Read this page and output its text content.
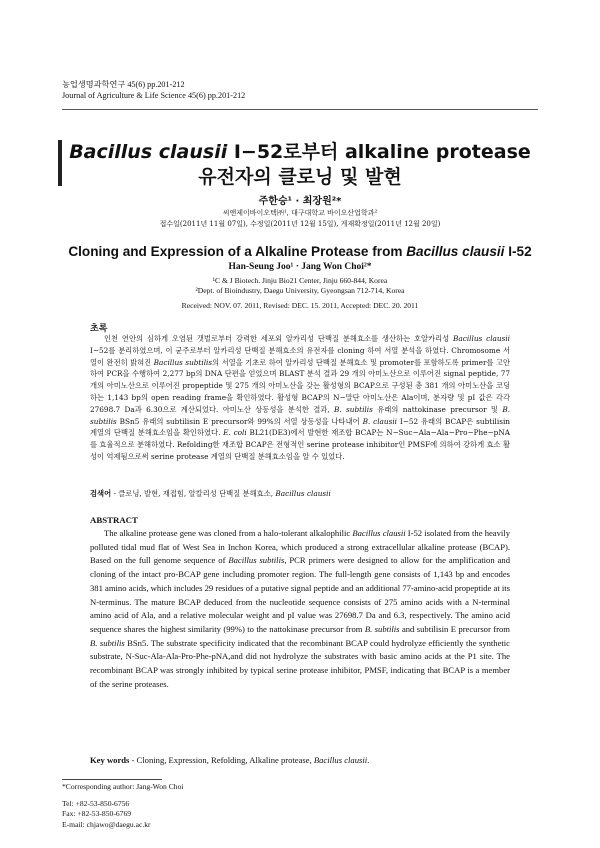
농업생명과학연구 45(6) pp.201-212
Journal of Agriculture & Life Science 45(6) pp.201-212
Bacillus clausii I−52로부터 alkaline protease
유전자의 클로닝 및 발현
주한승¹ · 최장원²*
씨앤제이바이오텍㈜¹, 대구대학교 바이오산업학과²
접수일(2011년 11월 07일), 수정일(2011년 12월 15일), 게재확정일(2011년 12월 20일)
Cloning and Expression of a Alkaline Protease from Bacillus clausii I-52
Han-Seung Joo¹ · Jang Won Choi²*
¹C & J Biotech. Jinju Bio21 Center, Jinju 660-844, Korea
²Dept. of Bioindustry, Daegu University, Gyeongsan 712-714, Korea
Received: NOV. 07. 2011, Revised: DEC. 15. 2011, Accepted: DEC. 20. 2011
초록

인천 연안의 심하게 오염된 갯벌로부터 강력한 세포외 알카리성 단백질 분해효소를 생산하는 호알카리성 Bacillus clausii I−52를 분리하였으며, 이 균주로부터 알카리성 단백질 분해효소의 유전자를 cloning 하여 서열 분석을 하였다. Chromosome 서열이 완전히 밝혀진 Bacillus subtilis의 서열을 기초로 하여 알카리성 단백질 분해효소 및 promoter를 포함하도록 primer를 고안하여 PCR을 수행하여 2,277 bp의 DNA 단편을 얻었으며 BLAST 분석 결과 29 개의 아미노산으로 이루어진 signal peptide, 77 개의 아미노산으로 이루어진 propeptide 및 275 개의 아미노산을 갖는 활성형의 BCAP으로 구성된 총 381 개의 아미노산을 코딩하는 1,143 bp의 open reading frame을 확인하였다. 활성형 BCAP의 N−말단 아미노산은 Ala이며, 분자량 및 pI 값은 각각 27698.7 Da과 6.30으로 계산되었다. 아미노산 상동성을 분석한 결과, B. subtilis 유래의 nattokinase precursor 및 B. subtilis BSn5 유래의 subtilisin E precursor와 99%의 서열 상동성을 나타내어 B. clausii I−52 유래의 BCAP은 subtilisin 계열의 단백질 분해효소임을 확인하였다. E. coli BL21(DE3)에서 발현한 재조합 BCAP는 N−Suc−Ala−Ala−Pro−Phe−pNA 를 효율적으로 분해하였다. Refolding한 재조합 BCAP은 전형적인 serine protease inhibitor인 PMSF에 의하여 강하게 효소 활성이 억제됨으로써 serine protease 계열의 단백질 분해효소임을 알 수 있었다.

검색어 - 클로닝, 발현, 재접힘, 알칼리성 단백질 분해효소, Bacillus clausii
ABSTRACT

The alkaline protease gene was cloned from a halo-tolerant alkalophilic Bacillus clausii I-52 isolated from the heavily polluted tidal mud flat of West Sea in Inchon Korea, which produced a strong extracellular alkaline protease (BCAP). Based on the full genome sequence of Bacillus subtilis, PCR primers were designed to allow for the amplification and cloning of the intact pro-BCAP gene including promoter region. The full-length gene consists of 1,143 bp and encodes 381 amino acids, which includes 29 residues of a putative signal peptide and an additional 77-amino-acid propeptide at its N-terminus. The mature BCAP deduced from the nucleotide sequence consists of 275 amino acids with a N-terminal amino acid of Ala, and a relative molecular weight and pI value was 27698.7 Da and 6.3, respectively. The amino acid sequence shares the highest similarity (99%) to the nattokinase precursor from B. subtilis and subtilisin E precursor from B. subtilis BSn5. The substrate specificity indicated that the recombinant BCAP could hydrolyze efficiently the synthetic substrate, N-Suc-Ala-Ala-Pro-Phe-pNA,and did not hydrolyze the substrates with basic amino acids at the P1 site. The recombinant BCAP was strongly inhibited by typical serine protease inhibitor, PMSF, indicating that BCAP is a member of the serine proteases.

Key words - Cloning, Expression, Refolding, Alkaline protease, Bacillus clausii.
*Corresponding author: Jang-Won Choi
Tel: +82-53-850-6756
Fax: +82-53-850-6769
E-mail: chjawo@daegu.ac.kr
